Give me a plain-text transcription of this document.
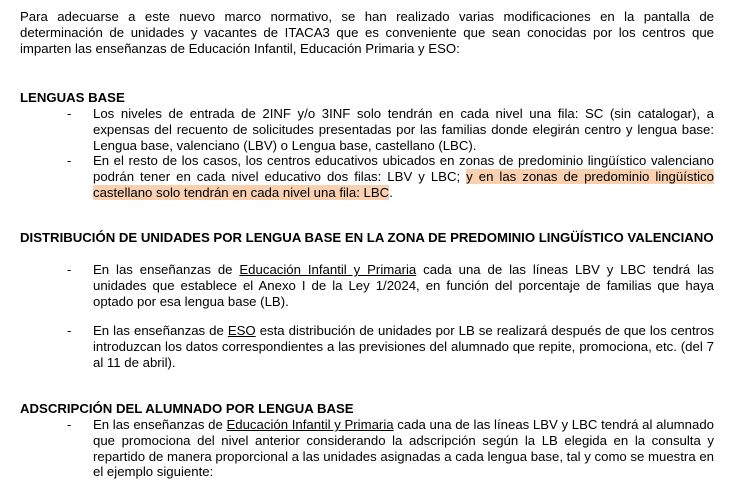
Para adecuarse a este nuevo marco normativo, se han realizado varias modificaciones en la pantalla de determinación de unidades y vacantes de ITACA3 que es conveniente que sean conocidas por los centros que imparten las enseñanzas de Educación Infantil, Educación Primaria y ESO:

LENGUAS BASE
- Los niveles de entrada de 2INF y/o 3INF solo tendrán en cada nivel una fila: SC (sin catalogar), a expensas del recuento de solicitudes presentadas por las familias donde elegirán centro y lengua base: Lengua base, valenciano (LBV) o Lengua base, castellano (LBC).
- En el resto de los casos, los centros educativos ubicados en zonas de predominio lingüístico valenciano podrán tener en cada nivel educativo dos filas: LBV y LBC; y en las zonas de predominio lingüístico castellano solo tendrán en cada nivel una fila: LBC.
DISTRIBUCIÓN DE UNIDADES POR LENGUA BASE EN LA ZONA DE PREDOMINIO LINGÜÍSTICO VALENCIANO
- En las enseñanzas de Educación Infantil y Primaria cada una de las líneas LBV y LBC tendrá las unidades que establece el Anexo I de la Ley 1/2024, en función del porcentaje de familias que haya optado por esa lengua base (LB).
- En las enseñanzas de ESO esta distribución de unidades por LB se realizará después de que los centros introduzcan los datos correspondientes a las previsiones del alumnado que repite, promociona, etc. (del 7 al 11 de abril).
ADSCRIPCIÓN DEL ALUMNADO POR LENGUA BASE
- En las enseñanzas de Educación Infantil y Primaria cada una de las líneas LBV y LBC tendrá al alumnado que promociona del nivel anterior considerando la adscripción según la LB elegida en la consulta y repartido de manera proporcional a las unidades asignadas a cada lengua base, tal y como se muestra en el ejemplo siguiente:
